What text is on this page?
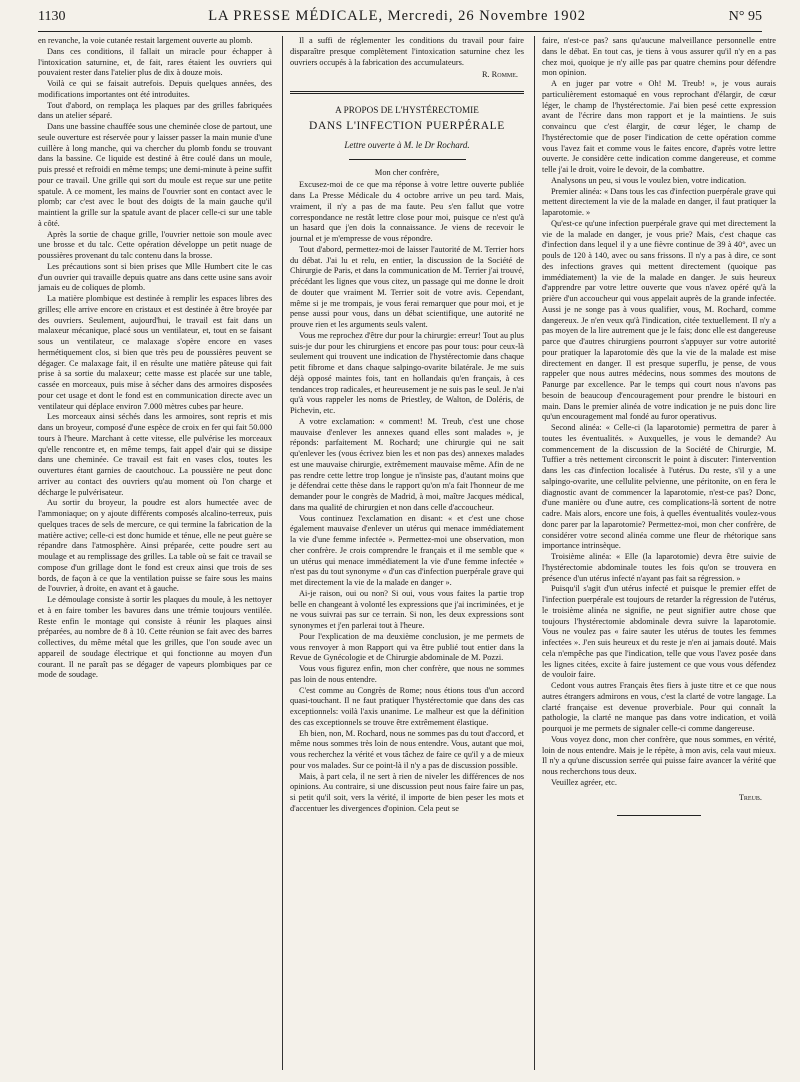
1130	LA PRESSE MÉDICALE, Mercredi, 26 Novembre 1902	N° 95

en revanche, la voie cutanée restait largement ouverte au plomb.

Dans ces conditions, il fallait un miracle pour échapper à l'intoxication saturnine, et, de fait, rares étaient les ouvriers qui pouvaient rester dans l'atelier plus de dix à douze mois.

Voilà ce qui se faisait autrefois. Depuis quelques années, des modifications importantes ont été introduites.

Tout d'abord, on remplaça les plaques par des grilles fabriquées dans un atelier séparé.

Dans une bassine chauffée sous une cheminée close de partout, une seule ouverture est réservée pour y laisser passer la main munie d'une cuillère à long manche, qui va chercher du plomb fondu se trouvant dans la bassine. Ce liquide est destiné à être coulé dans un moule, puis pressé et refroidi en même temps; une demi-minute à peine suffit pour ce travail. Une grille qui sort du moule est reçue sur une petite spatule. A ce moment, les mains de l'ouvrier sont en contact avec le plomb; car c'est avec le bout des doigts de la main gauche qu'il maintient la grille sur la spatule avant de placer celle-ci sur une table à côté.

Après la sortie de chaque grille, l'ouvrier nettoie son moule avec une brosse et du talc. Cette opération développe un petit nuage de poussières provenant du talc contenu dans la brosse.

Les précautions sont si bien prises que Mlle Humbert cite le cas d'un ouvrier qui travaille depuis quatre ans dans cette usine sans avoir jamais eu de coliques de plomb.

La matière plombique est destinée à remplir les espaces libres des grilles; elle arrive encore en cristaux et est destinée à être broyée par des ouvriers. Seulement, aujourd'hui, le travail est fait dans un malaxeur mécanique, placé sous un ventilateur, et, tout en se faisant sous un ventilateur, ce malaxage s'opère encore en vases hermétiquement clos, si bien que très peu de poussières peuvent se dégager. Ce malaxage fait, il en résulte une matière pâteuse qui fait prise à sa sortie du malaxeur; cette masse est placée sur une table, cassée en morceaux, puis mise à sécher dans des armoires disposées pour cet usage et dont le fond est en communication directe avec un ventilateur qui déplace environ 7.000 mètres cubes par heure.

Les morceaux ainsi séchés dans les armoires, sont repris et mis dans un broyeur, composé d'une espèce de croix en fer qui fait 50.000 tours à l'heure. Marchant à cette vitesse, elle pulvérise les morceaux qu'elle rencontre et, en même temps, fait appel d'air qui se dissipe dans une cheminée. Ce travail est fait en vases clos, toutes les ouvertures étant garnies de caoutchouc. La poussière ne peut donc arriver au contact des ouvriers qu'au moment où l'on charge et décharge le pulvérisateur.

Au sortir du broyeur, la poudre est alors humectée avec de l'ammoniaque; on y ajoute différents composés alcalino-terreux, puis quelques traces de sels de mercure, ce qui termine la fabrication de la matière active; celle-ci est donc humide et ténue, elle ne peut guère se répandre dans l'atmosphère. Ainsi préparée, cette poudre sert au moulage et au remplissage des grilles. La table où se fait ce travail se compose d'un grillage dont le fond est creux ainsi que trois de ses bords, de façon à ce que la ventilation puisse se faire sous les mains de l'ouvrier, à droite, en avant et à gauche.

Le démoulage consiste à sortir les plaques du moule, à les nettoyer et à en faire tomber les bavures dans une trémie toujours ventilée. Reste enfin le montage qui consiste à réunir les plaques ainsi préparées, au nombre de 8 à 10. Cette réunion se fait avec des barres collectives, du même métal que les grilles, que l'on soude avec un appareil de soudage électrique et qui fonctionne au moyen d'un courant. Il ne paraît pas se dégager de vapeurs plombiques par ce mode de soudage.

Il a suffi de réglementer les conditions du travail pour faire disparaître presque complètement l'intoxication saturnine chez les ouvriers occupés à la fabrication des accumulateurs.

R. Romme.
A PROPOS DE L'HYSTÉRECTOMIE
DANS L'INFECTION PUERPÉRALE
Lettre ouverte à M. le Dr Rochard.
Mon cher confrère,

Excusez-moi de ce que ma réponse à votre lettre ouverte publiée dans La Presse Médicale du 4 octobre arrive un peu tard. Mais, vraiment, il n'y a pas de ma faute. Peu s'en fallut que votre correspondance ne restât lettre close pour moi, puisque ce n'est qu'à un hasard que j'en dois la connaissance. Je viens de recevoir le journal et je m'empresse de vous répondre.

Tout d'abord, permettez-moi de laisser l'autorité de M. Terrier hors du débat. J'ai lu et relu, en entier, la discussion de la Société de Chirurgie de Paris, et dans la communication de M. Terrier j'ai trouvé, précédant les lignes que vous citez, un passage qui me donne le droit de douter que vraiment M. Terrier soit de votre avis. Cependant, même si je me trompais, je vous ferai remarquer que pour moi, et je pense aussi pour vous, dans un débat scientifique, une autorité ne prouve rien et les arguments seuls valent.

Vous me reprochez d'être dur pour la chirurgie: erreur! Tout au plus suis-je dur pour les chirurgiens et encore pas pour tous: pour ceux-là seulement qui trouvent une indication de l'hystérectomie dans chaque petit fibrome et dans chaque salpingo-ovarite bilatérale. Je me suis déjà opposé maintes fois, tant en hollandais qu'en français, à ces tendances trop radicales, et heureusement je ne suis pas le seul. Je n'ai qu'à vous rappeler les noms de Priestley, de Walton, de Doléris, de Pichevin, etc.

A votre exclamation: « comment! M. Treub, c'est une chose mauvaise d'enlever les annexes quand elles sont malades », je réponds: parfaitement M. Rochard; une chirurgie qui ne sait qu'enlever les (vous écrivez bien les et non pas des) annexes malades est une mauvaise chirurgie, extrêmement mauvaise même. Afin de ne pas rendre cette lettre trop longue je n'insiste pas, d'autant moins que je défendrai cette thèse dans le rapport qu'on m'a fait l'honneur de me demander pour le congrès de Madrid, à moi, maître Jacques médical, dans ma qualité de chirurgien et non dans celle d'accoucheur.

Vous continuez l'exclamation en disant: « et c'est une chose également mauvaise d'enlever un utérus qui menace immédiatement la vie d'une femme infectée ». Permettez-moi une observation, mon cher confrère. Je crois comprendre le français et il me semble que « un utérus qui menace immédiatement la vie d'une femme infectée » n'est pas du tout synonyme « d'un cas d'infection puerpérale grave qui met directement la vie de la malade en danger ».

Ai-je raison, oui ou non? Si oui, vous vous faites la partie trop belle en changeant à volonté les expressions que j'ai incriminées, et je ne vous suivrai pas sur ce terrain. Si non, les deux expressions sont synonymes et j'en parlerai tout à l'heure.

Pour l'explication de ma deuxième conclusion, je me permets de vous renvoyer à mon Rapport qui va être publié tout entier dans la Revue de Gynécologie et de Chirurgie abdominale de M. Pozzi.

Vous vous figurez enfin, mon cher confrère, que nous ne sommes pas loin de nous entendre.

C'est comme au Congrès de Rome; nous étions tous d'un accord quasi-touchant. Il ne faut pratiquer l'hystérectomie que dans des cas exceptionnels: voilà l'axis unanime. Le malheur est que la définition des cas exceptionnels se trouve être extrêmement élastique.

Eh bien, non, M. Rochard, nous ne sommes pas du tout d'accord, et même nous sommes très loin de nous entendre. Vous, autant que moi, vous recherchez la vérité et vous tâchez de faire ce qu'il y a de mieux pour vos malades. Sur ce point-là il n'y a pas de discussion possible.

Mais, à part cela, il ne sert à rien de niveler les différences de nos opinions. Au contraire, si une discussion peut nous faire faire un pas, si petit qu'il soit, vers la vérité, il importe de bien peser les mots et d'accentuer les divergences d'opinion. Cela peut se

faire, n'est-ce pas? sans qu'aucune malveillance personnelle entre dans le débat. En tout cas, je tiens à vous assurer qu'il n'y en a pas chez moi, quoique je n'y aille pas par quatre chemins pour défendre mon opinion.

A en juger par votre « Oh! M. Treub! », je vous aurais particulièrement estomaqué en vous reprochant d'élargir, de cœur léger, le champ de l'hystérectomie. J'ai bien pesé cette expression avant de l'écrire dans mon rapport et je la maintiens. Je suis convaincu que c'est élargir, de cœur léger, le champ de l'hystérectomie que de poser l'indication de cette opération comme vous l'avez fait et comme vous le faites encore, d'après votre lettre ouverte. Je considère cette indication comme dangereuse, et comme telle j'ai le droit, voire le devoir, de la combattre.

Analysons un peu, si vous le voulez bien, votre indication.

Premier alinéa: « Dans tous les cas d'infection puerpérale grave qui mettent directement la vie de la malade en danger, il faut pratiquer la laparotomie. »

Qu'est-ce qu'une infection puerpérale grave qui met directement la vie de la malade en danger, je vous prie? Mais, c'est chaque cas d'infection dans lequel il y a une fièvre continue de 39 à 40°, avec un pouls de 120 à 140, avec ou sans frissons. Il n'y a pas à dire, ce sont des infections graves qui mettent directement (quoique pas immédiatement) la vie de la malade en danger. Je suis heureux d'apprendre par votre lettre ouverte que vous n'avez opéré qu'à la prière d'un accoucheur qui vous appelait auprès de la grande infectée. Aussi je ne songe pas à vous qualifier, vous, M. Rochard, comme dangereux. Je n'en veux qu'à l'indication, citée textuellement. Il n'y a pas moyen de la lire autrement que je le fais; donc elle est dangereuse parce que d'autres chirurgiens pourront s'appuyer sur votre autorité pour pratiquer la laparotomie dès que la vie de la malade est mise directement en danger. Il est presque superflu, je pense, de vous rappeler que nous autres médecins, nous sommes des moutons de Panurge par excellence. Par le temps qui court nous n'avons pas besoin de beaucoup d'encouragement pour prendre le bistouri en main. Dans le premier alinéa de votre indication je ne puis donc lire qu'un encouragement mal fondé au furor operativus.

Second alinéa: « Celle-ci (la laparotomie) permettra de parer à toutes les éventualités. » Auxquelles, je vous le demande? Au commencement de la discussion de la Société de Chirurgie, M. Tuffier a très nettement circonscrit le point à discuter: l'intervention dans les cas d'infection localisée à l'utérus. Du reste, s'il y a une salpingo-ovarite, une cellulite pelvienne, une péritonite, on en fera le diagnostic avant de commencer la laparotomie, n'est-ce pas? Donc, d'une manière ou d'une autre, ces complications-là sortent de notre cadre. Mais alors, encore une fois, à quelles éventualités voulez-vous donc parer par la laparotomie? Permettez-moi, mon cher confrère, de considérer votre second alinéa comme une fleur de rhétorique sans importance intrinsèque.

Troisième alinéa: « Elle (la laparotomie) devra être suivie de l'hystérectomie abdominale toutes les fois qu'on se trouvera en présence d'un utérus infecté n'ayant pas fait sa régression. »

Puisqu'il s'agit d'un utérus infecté et puisque le premier effet de l'infection puerpérale est toujours de retarder la régression de l'utérus, le troisième alinéa ne signifie, ne peut signifier autre chose que toujours l'hystérectomie abdominale devra suivre la laparotomie. Vous ne voulez pas « faire sauter les utérus de toutes les femmes infectées ». J'en suis heureux et du reste je n'en ai jamais douté. Mais cela n'empêche pas que l'indication, telle que vous l'avez posée dans les lignes citées, excite à faire justement ce que vous vous défendez de vouloir faire.

Cedont vous autres Français êtes fiers à juste titre et ce que nous autres étrangers admirons en vous, c'est la clarté de votre langage. La clarté française est devenue proverbiale. Pour qui connaît la pathologie, la clarté ne manque pas dans votre indication, et voilà pourquoi je me permets de signaler celle-ci comme dangereuse.

Vous voyez donc, mon cher confrère, que nous sommes, en vérité, loin de nous entendre. Mais je le répète, à mon avis, cela vaut mieux. Il n'y a qu'une discussion serrée qui puisse faire avancer la vérité que nous recherchons tous deux.

Veuillez agréer, etc.

Treub.
